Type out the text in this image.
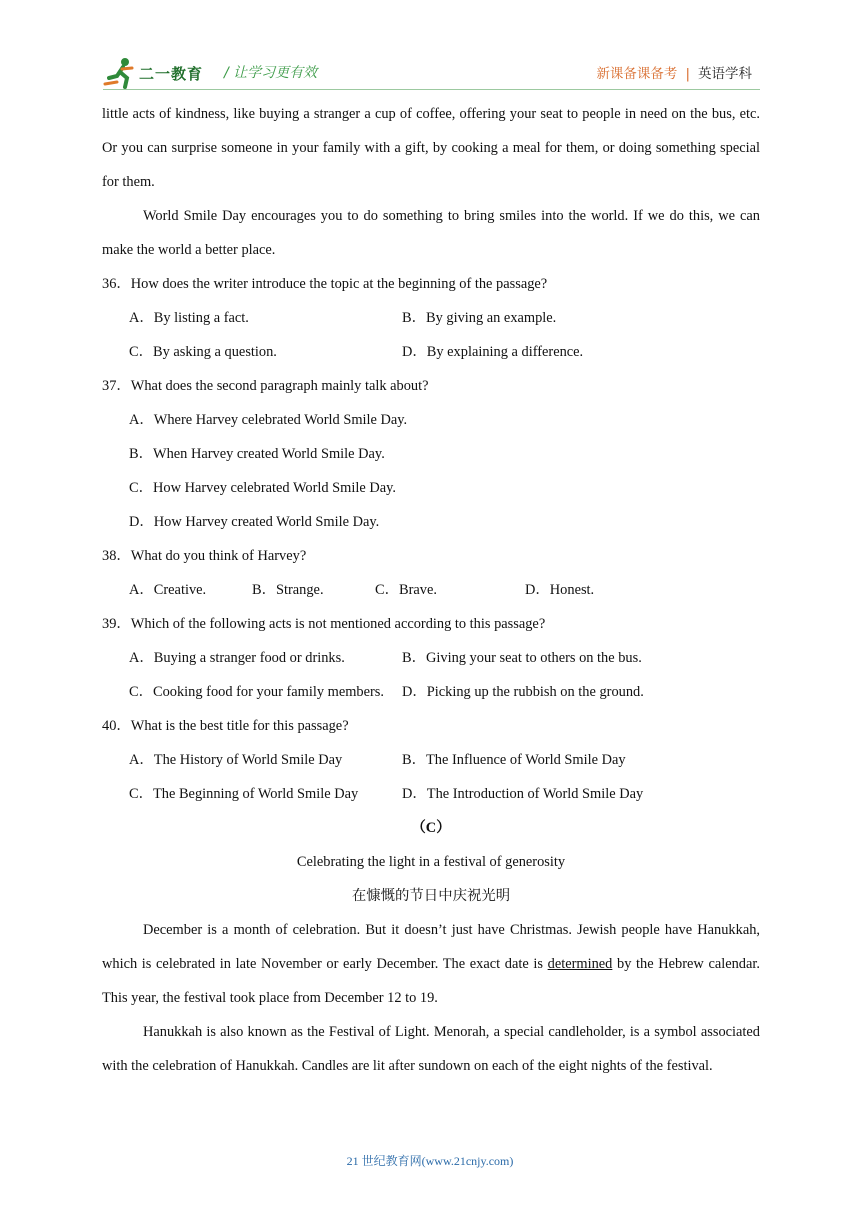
二一教育 / 让学习更有效	新课备课备考 | 英语学科

little acts of kindness, like buying a stranger a cup of coffee, offering your seat to people in need on the bus, etc. Or you can surprise someone in your family with a gift, by cooking a meal for them, or doing something special for them.

World Smile Day encourages you to do something to bring smiles into the world. If we do this, we can make the world a better place.

36．How does the writer introduce the topic at the beginning of the passage?

A．By listing a fact.	B．By giving an example.
C．By asking a question.	D．By explaining a difference.

37．What does the second paragraph mainly talk about?

A．Where Harvey celebrated World Smile Day.
B．When Harvey created World Smile Day.
C．How Harvey celebrated World Smile Day.
D．How Harvey created World Smile Day.

38．What do you think of Harvey?

A．Creative.	B．Strange.	C．Brave.	D．Honest.

39．Which of the following acts is not mentioned according to this passage?

A．Buying a stranger food or drinks.	B．Giving your seat to others on the bus.
C．Cooking food for your family members.	D．Picking up the rubbish on the ground.

40．What is the best title for this passage?

A．The History of World Smile Day	B．The Influence of World Smile Day
C．The Beginning of World Smile Day	D．The Introduction of World Smile Day

（C）

Celebrating the light in a festival of generosity

在慷慨的节日中庆祝光明

December is a month of celebration. But it doesn’t just have Christmas. Jewish people have Hanukkah, which is celebrated in late November or early December. The exact date is determined by the Hebrew calendar. This year, the festival took place from December 12 to 19.

Hanukkah is also known as the Festival of Light. Menorah, a special candleholder, is a symbol associated with the celebration of Hanukkah. Candles are lit after sundown on each of the eight nights of the festival.

21 世纪教育网(www.21cnjy.com)
